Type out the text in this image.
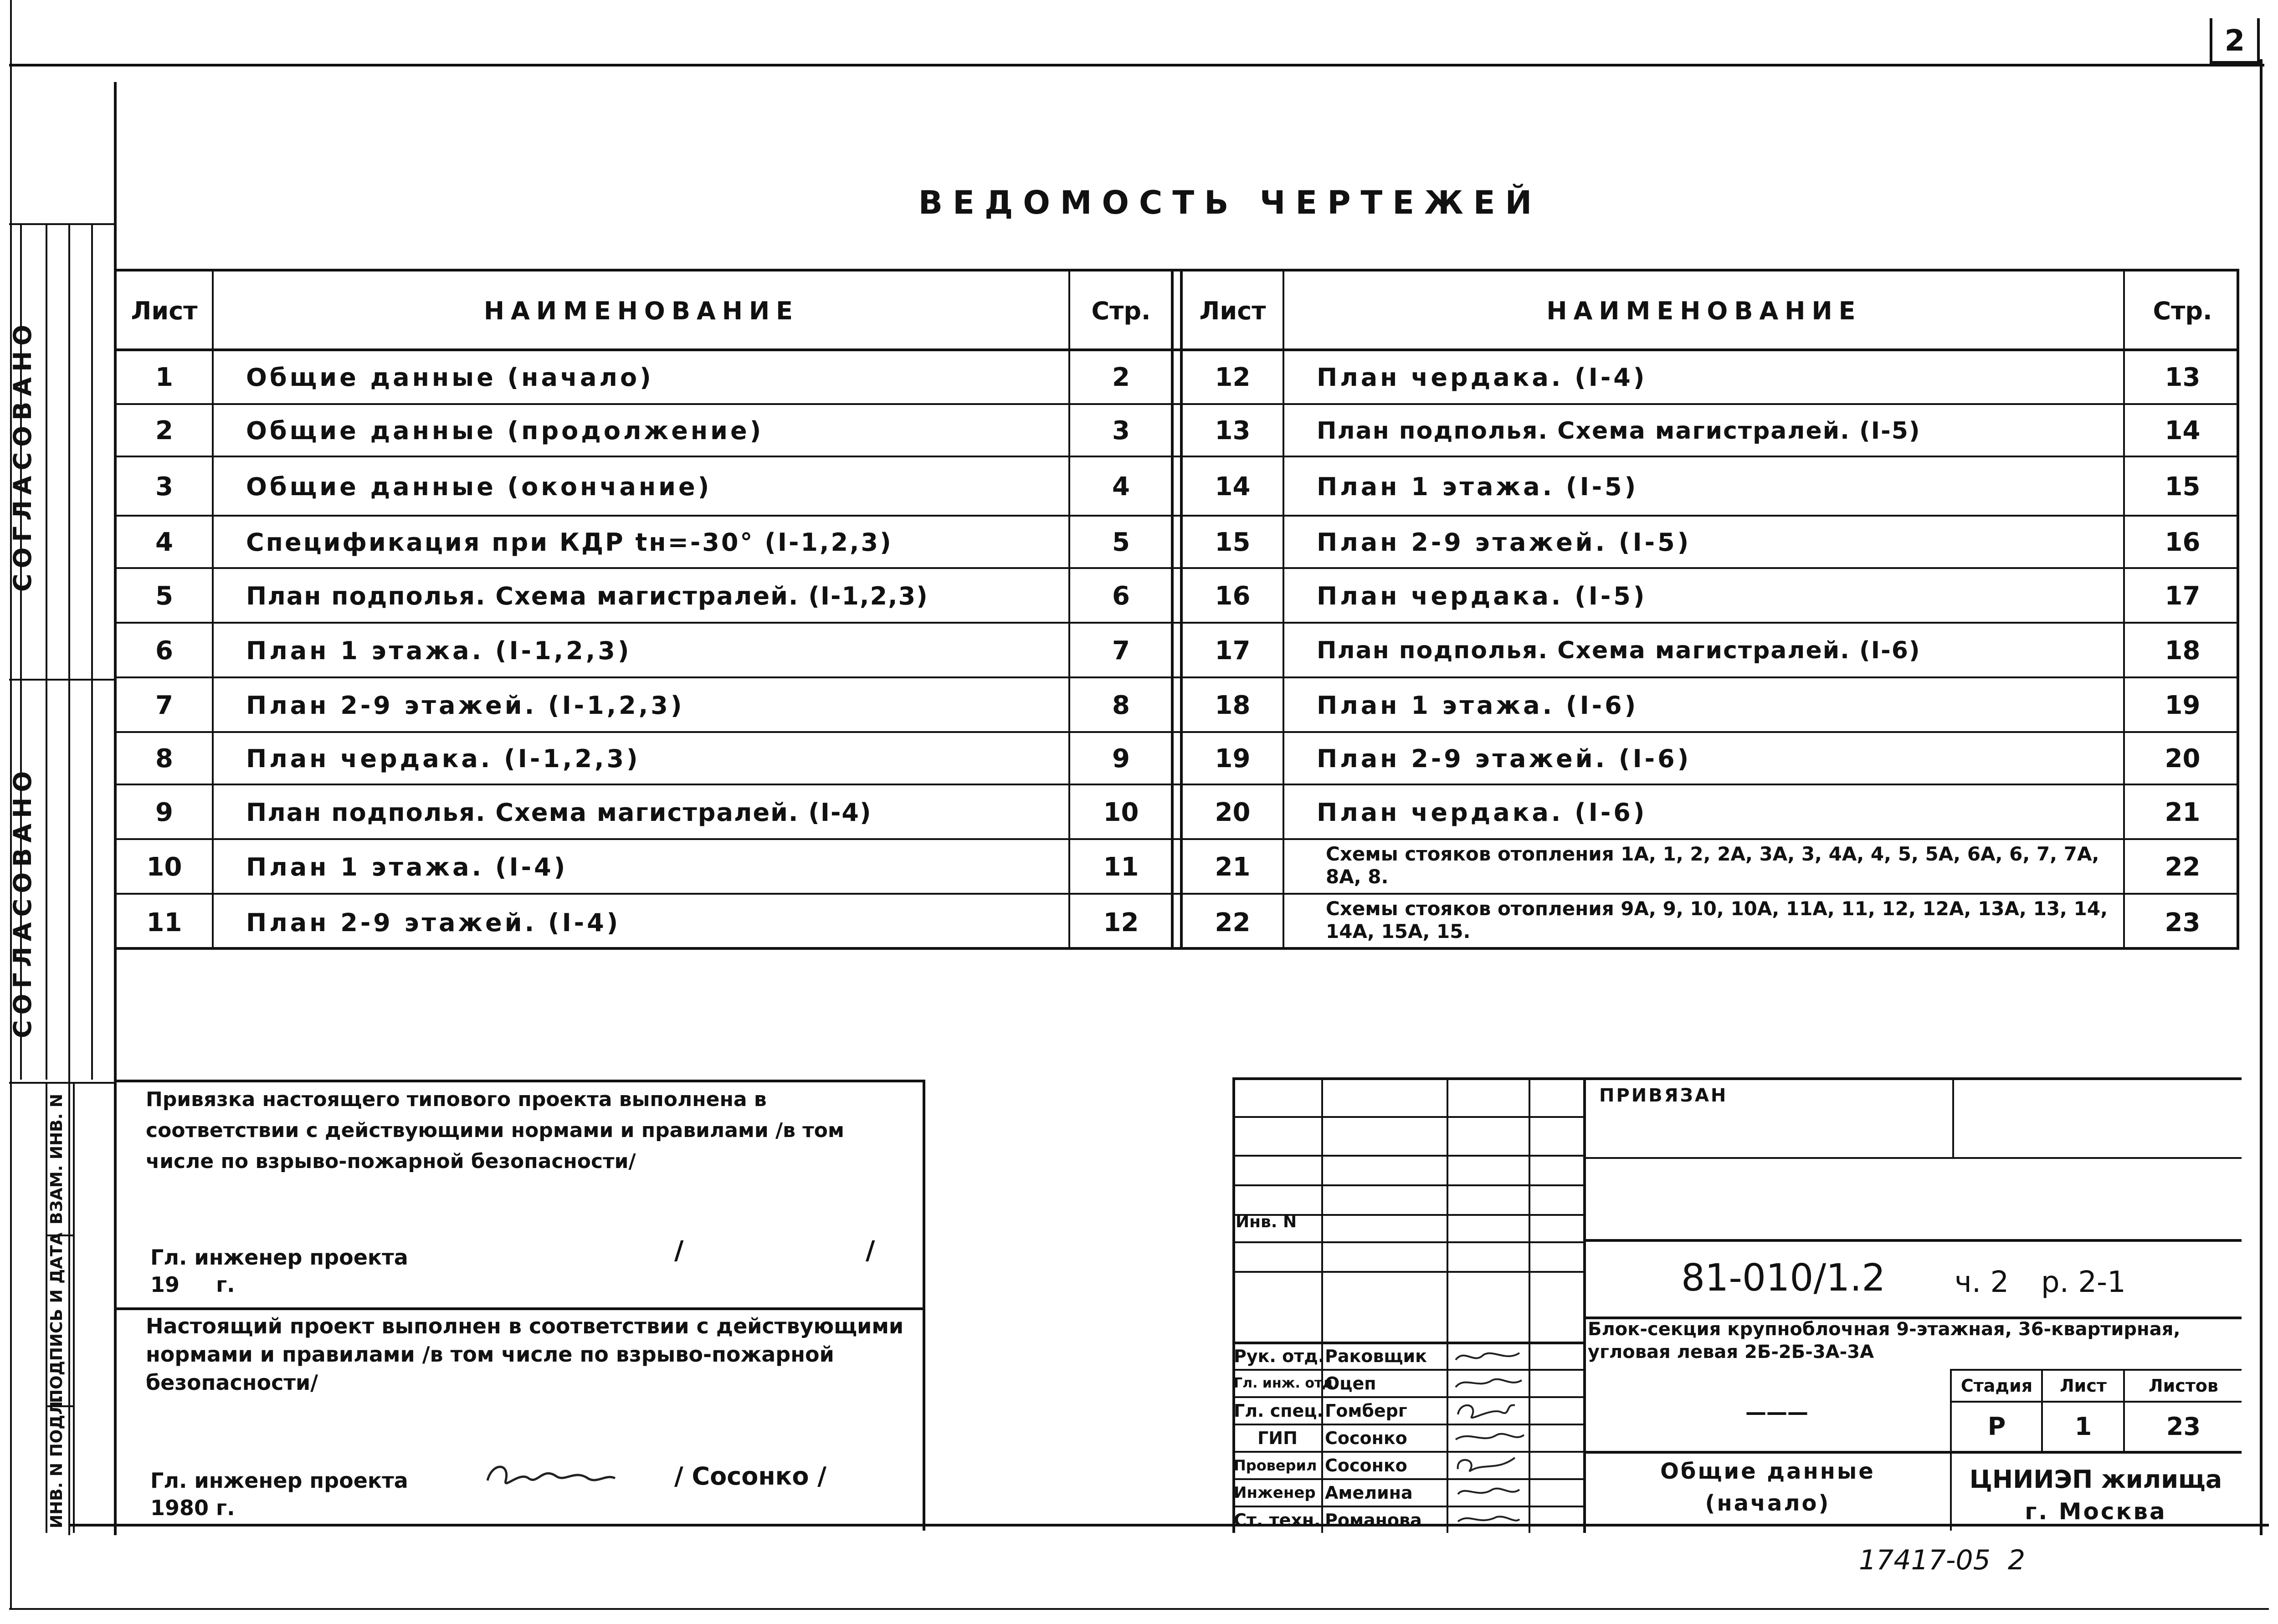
2
СОГЛАСОВАНО
СОГЛАСОВАНО
ВЗАМ. ИНВ. N
ПОДПИСЬ И ДАТА
ИНВ. N ПОДЛ.
ВЕДОМОСТЬ ЧЕРТЕЖЕЙ
Лист	НАИМЕНОВАНИЕ	Стр.	Лист	НАИМЕНОВАНИЕ	Стр.
1	Общие данные (начало)	2
2	Общие данные (продолжение)	3
3	Общие данные (окончание)	4
4	Спецификация при КДР tн=-30° (I-1,2,3)	5
5	План подполья. Схема магистралей. (I-1,2,3)	6
6	План 1 этажа. (I-1,2,3)	7
7	План 2-9 этажей. (I-1,2,3)	8
8	План чердака. (I-1,2,3)	9
9	План подполья. Схема магистралей. (I-4)	10
10	План 1 этажа. (I-4)	11
11	План 2-9 этажей. (I-4)	12
12	План чердака. (I-4)	13
13	План подполья. Схема магистралей. (I-5)	14
14	План 1 этажа. (I-5)	15
15	План 2-9 этажей. (I-5)	16
16	План чердака. (I-5)	17
17	План подполья. Схема магистралей. (I-6)	18
18	План 1 этажа. (I-6)	19
19	План 2-9 этажей. (I-6)	20
20	План чердака. (I-6)	21
21	Схемы стояков отопления 1А, 1, 2, 2А, 3А, 3, 4А, 4, 5, 5А, 6А, 6, 7, 7А, 8А, 8.	22
22	Схемы стояков отопления 9А, 9, 10, 10А, 11А, 11, 12, 12А, 13А, 13, 14, 14А, 15А, 15.	23
Привязка настоящего типового проекта выполнена в соответствии с действующими нормами и правилами /в том числе по взрыво-пожарной безопасности/
Гл. инженер проекта	/	/
19     г.
Настоящий проект выполнен в соответствии с действующими нормами и правилами /в том числе по взрыво-пожарной безопасности/
Гл. инженер проекта	/ Сосонко /
1980 г.
Инв. N
Рук. отд. Раковщик
Гл. инж. отд.
Оцеп
Гл. спец. Гомберг
ГИП	Сосонко
Проверил Сосонко
Инженер Амелина
Ст. техн. Романова
ПРИВЯЗАН
81-010/1.2	ч. 2	р. 2-1
Блок-секция крупноблочная 9-этажная, 36-квартирная, угловая левая 2Б-2Б-3А-3А
Стадия	Лист	Листов
Р	1	23
———
Общие данные
(начало)
ЦНИИЭП жилища
г. Москва
17417-05  2
